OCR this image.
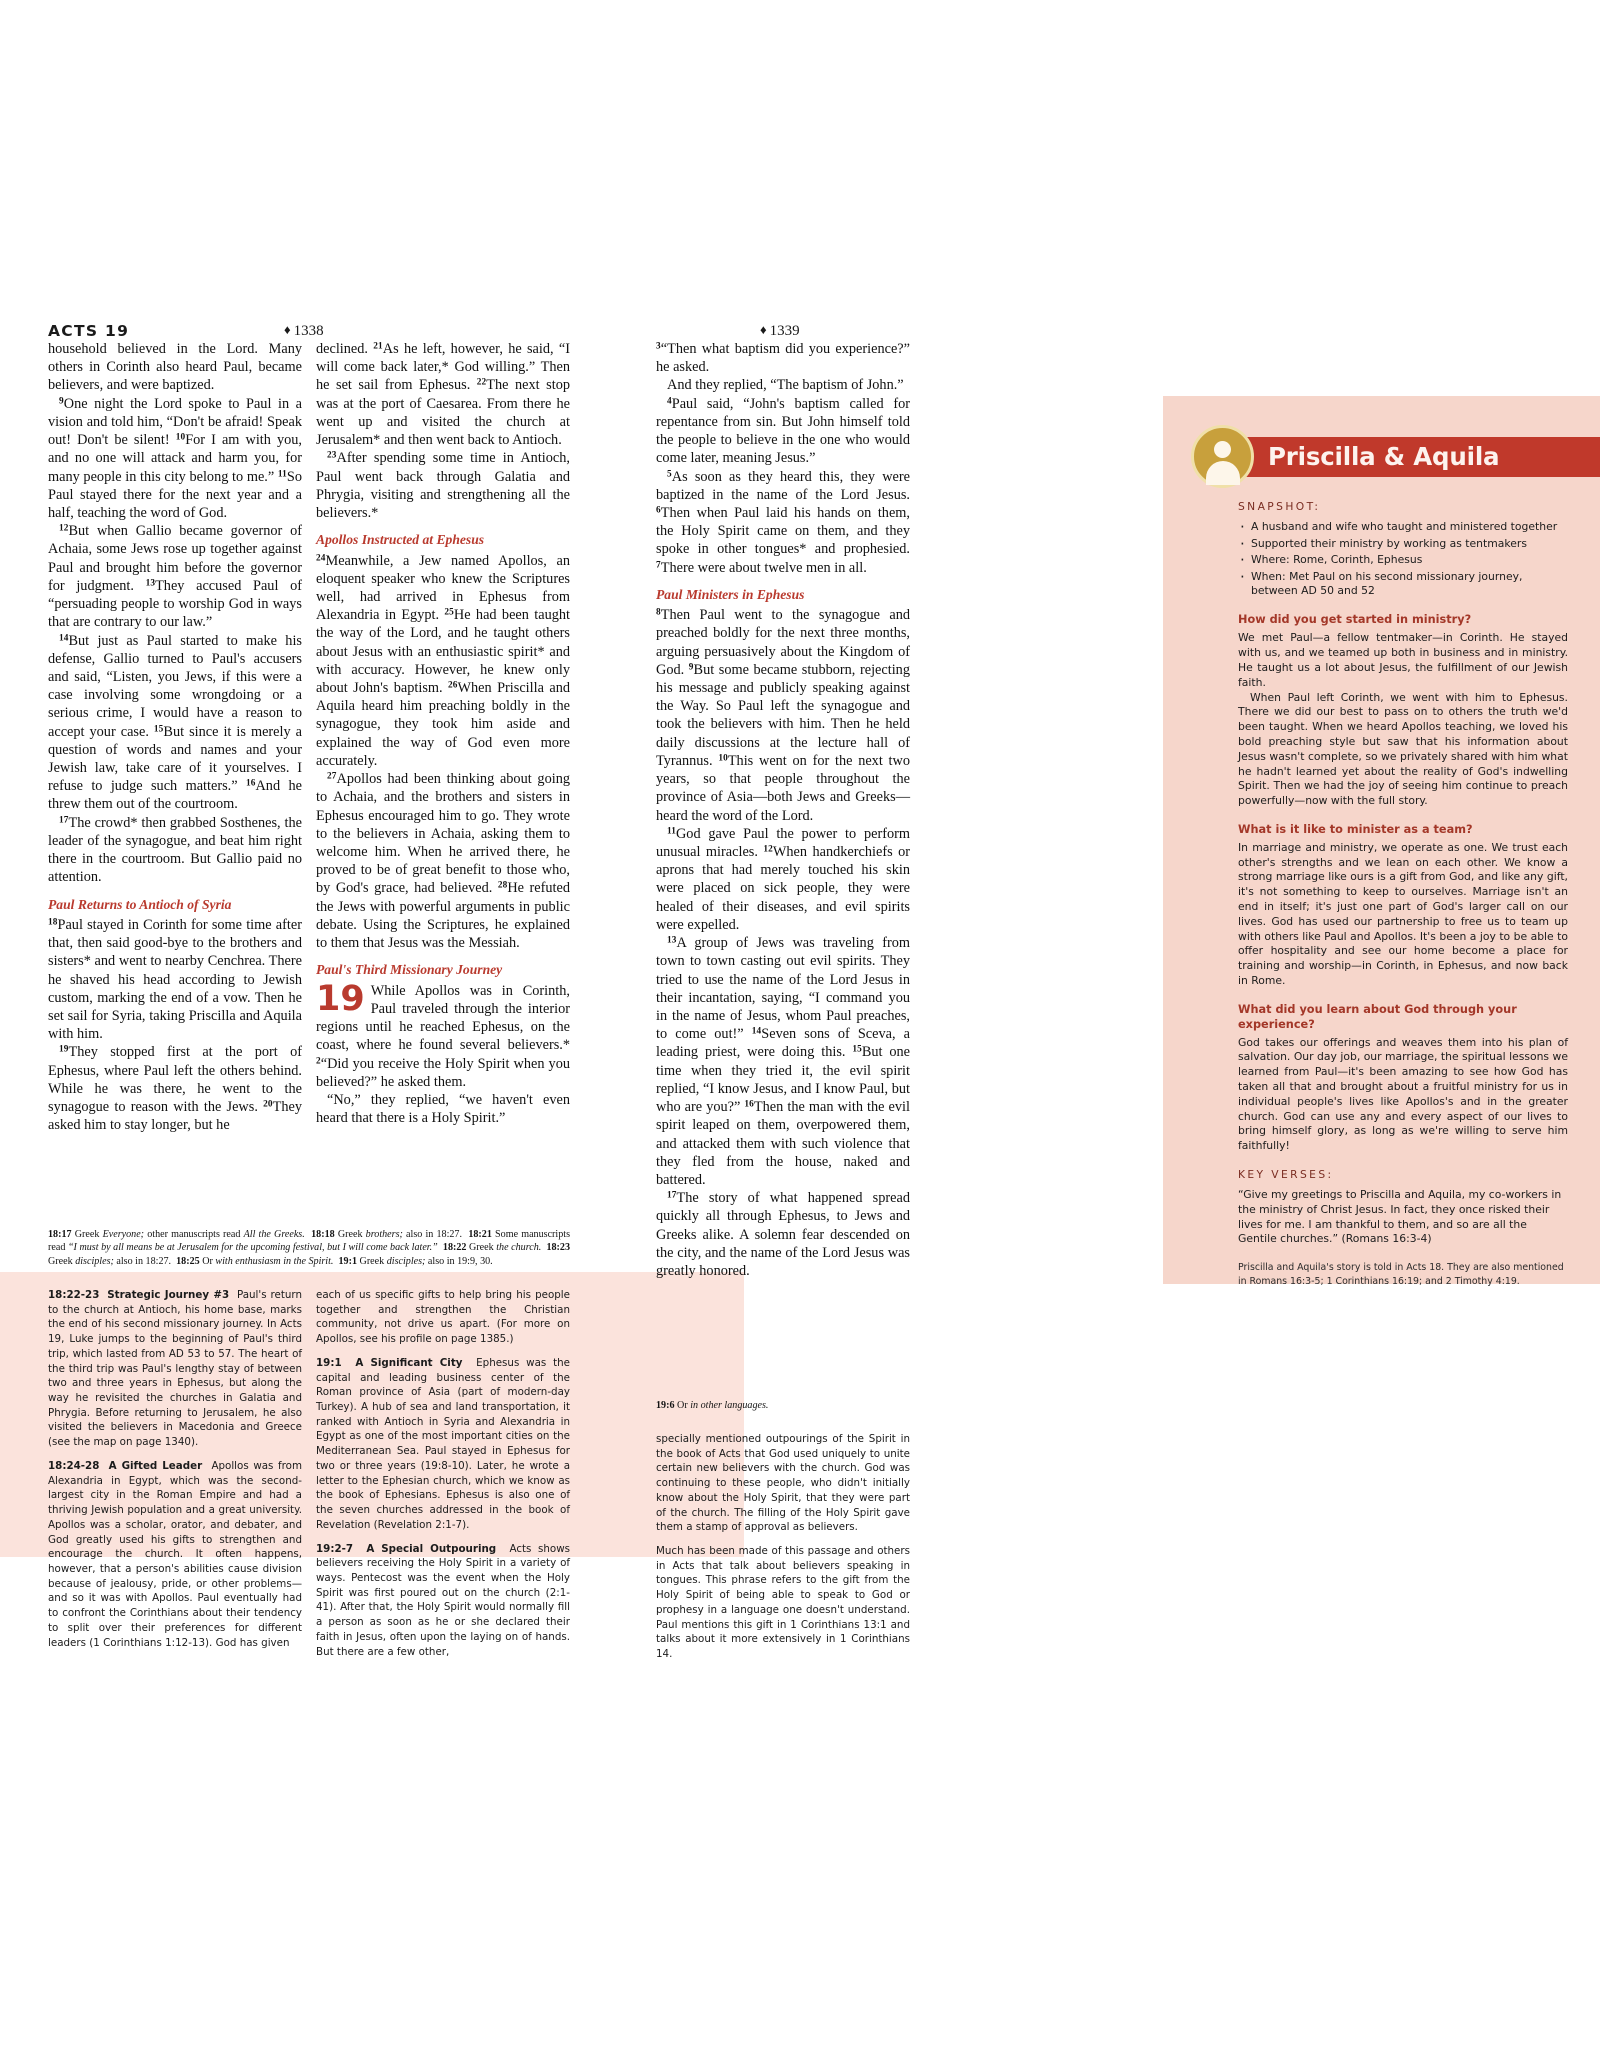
ACTS 19	♦ 1338	♦ 1339

household believed in the Lord. Many others in Corinth also heard Paul, became believers, and were baptized.

$^9$One night the Lord spoke to Paul in a vision and told him, “Don't be afraid! Speak out! Don't be silent! $^{10}$For I am with you, and no one will attack and harm you, for many people in this city belong to me.” $^{11}$So Paul stayed there for the next year and a half, teaching the word of God.

$^{12}$But when Gallio became governor of Achaia, some Jews rose up together against Paul and brought him before the governor for judgment. $^{13}$They accused Paul of “persuading people to worship God in ways that are contrary to our law.”

$^{14}$But just as Paul started to make his defense, Gallio turned to Paul's accusers and said, “Listen, you Jews, if this were a case involving some wrongdoing or a serious crime, I would have a reason to accept your case. $^{15}$But since it is merely a question of words and names and your Jewish law, take care of it yourselves. I refuse to judge such matters.” $^{16}$And he threw them out of the courtroom.

$^{17}$The crowd* then grabbed Sosthenes, the leader of the synagogue, and beat him right there in the courtroom. But Gallio paid no attention.

Paul Returns to Antioch of Syria

$^{18}$Paul stayed in Corinth for some time after that, then said good-bye to the brothers and sisters* and went to nearby Cenchrea. There he shaved his head according to Jewish custom, marking the end of a vow. Then he set sail for Syria, taking Priscilla and Aquila with him.

$^{19}$They stopped first at the port of Ephesus, where Paul left the others behind. While he was there, he went to the synagogue to reason with the Jews. $^{20}$They asked him to stay longer, but he

declined. $^{21}$As he left, however, he said, “I will come back later,* God willing.” Then he set sail from Ephesus. $^{22}$The next stop was at the port of Caesarea. From there he went up and visited the church at Jerusalem* and then went back to Antioch.

$^{23}$After spending some time in Antioch, Paul went back through Galatia and Phrygia, visiting and strengthening all the believers.*

Apollos Instructed at Ephesus

$^{24}$Meanwhile, a Jew named Apollos, an eloquent speaker who knew the Scriptures well, had arrived in Ephesus from Alexandria in Egypt. $^{25}$He had been taught the way of the Lord, and he taught others about Jesus with an enthusiastic spirit* and with accuracy. However, he knew only about John's baptism. $^{26}$When Priscilla and Aquila heard him preaching boldly in the synagogue, they took him aside and explained the way of God even more accurately.

$^{27}$Apollos had been thinking about going to Achaia, and the brothers and sisters in Ephesus encouraged him to go. They wrote to the believers in Achaia, asking them to welcome him. When he arrived there, he proved to be of great benefit to those who, by God's grace, had believed. $^{28}$He refuted the Jews with powerful arguments in public debate. Using the Scriptures, he explained to them that Jesus was the Messiah.

Paul's Third Missionary Journey

19 While Apollos was in Corinth, Paul traveled through the interior regions until he reached Ephesus, on the coast, where he found several believers.* $^2$“Did you receive the Holy Spirit when you believed?” he asked them.

“No,” they replied, “we haven't even heard that there is a Holy Spirit.”

$^3$“Then what baptism did you experience?” he asked.

And they replied, “The baptism of John.”

$^4$Paul said, “John's baptism called for repentance from sin. But John himself told the people to believe in the one who would come later, meaning Jesus.”

$^5$As soon as they heard this, they were baptized in the name of the Lord Jesus. $^6$Then when Paul laid his hands on them, the Holy Spirit came on them, and they spoke in other tongues* and prophesied. $^7$There were about twelve men in all.

Paul Ministers in Ephesus

$^8$Then Paul went to the synagogue and preached boldly for the next three months, arguing persuasively about the Kingdom of God. $^9$But some became stubborn, rejecting his message and publicly speaking against the Way. So Paul left the synagogue and took the believers with him. Then he held daily discussions at the lecture hall of Tyrannus. $^{10}$This went on for the next two years, so that people throughout the province of Asia—both Jews and Greeks—heard the word of the Lord.

$^{11}$God gave Paul the power to perform unusual miracles. $^{12}$When handkerchiefs or aprons that had merely touched his skin were placed on sick people, they were healed of their diseases, and evil spirits were expelled.

$^{13}$A group of Jews was traveling from town to town casting out evil spirits. They tried to use the name of the Lord Jesus in their incantation, saying, “I command you in the name of Jesus, whom Paul preaches, to come out!” $^{14}$Seven sons of Sceva, a leading priest, were doing this. $^{15}$But one time when they tried it, the evil spirit replied, “I know Jesus, and I know Paul, but who are you?” $^{16}$Then the man with the evil spirit leaped on them, overpowered them, and attacked them with such violence that they fled from the house, naked and battered.

$^{17}$The story of what happened spread quickly all through Ephesus, to Jews and Greeks alike. A solemn fear descended on the city, and the name of the Lord Jesus was greatly honored.

18:17 Greek Everyone; other manuscripts read All the Greeks. 18:18 Greek brothers; also in 18:27.  18:21 Some manuscripts read “I must by all means be at Jerusalem for the upcoming festival, but I will come back later.” 18:22 Greek the church. 18:23 Greek disciples; also in 18:27.  18:25 Or with enthusiasm in the Spirit. 19:1 Greek disciples; also in 19:9, 30.
19:6 Or in other languages.

18:22-23 Strategic Journey #3 Paul's return to the church at Antioch, his home base, marks the end of his second missionary journey. In Acts 19, Luke jumps to the beginning of Paul's third trip, which lasted from AD 53 to 57. The heart of the third trip was Paul's lengthy stay of between two and three years in Ephesus, but along the way he revisited the churches in Galatia and Phrygia. Before returning to Jerusalem, he also visited the believers in Macedonia and Greece (see the map on page 1340).

18:24-28 A Gifted Leader Apollos was from Alexandria in Egypt, which was the second-largest city in the Roman Empire and had a thriving Jewish population and a great university. Apollos was a scholar, orator, and debater, and God greatly used his gifts to strengthen and encourage the church. It often happens, however, that a person's abilities cause division because of jealousy, pride, or other problems—and so it was with Apollos. Paul eventually had to confront the Corinthians about their tendency to split over their preferences for different leaders (1 Corinthians 1:12-13). God has given

each of us specific gifts to help bring his people together and strengthen the Christian community, not drive us apart. (For more on Apollos, see his profile on page 1385.)

19:1 A Significant City Ephesus was the capital and leading business center of the Roman province of Asia (part of modern-day Turkey). A hub of sea and land transportation, it ranked with Antioch in Syria and Alexandria in Egypt as one of the most important cities on the Mediterranean Sea. Paul stayed in Ephesus for two or three years (19:8-10). Later, he wrote a letter to the Ephesian church, which we know as the book of Ephesians. Ephesus is also one of the seven churches addressed in the book of Revelation (Revelation 2:1-7).

19:2-7 A Special Outpouring Acts shows believers receiving the Holy Spirit in a variety of ways. Pentecost was the event when the Holy Spirit was first poured out on the church (2:1-41). After that, the Holy Spirit would normally fill a person as soon as he or she declared their faith in Jesus, often upon the laying on of hands. But there are a few other,

specially mentioned outpourings of the Spirit in the book of Acts that God used uniquely to unite certain new believers with the church. God was continuing to these people, who didn't initially know about the Holy Spirit, that they were part of the church. The filling of the Holy Spirit gave them a stamp of approval as believers.

Much has been made of this passage and others in Acts that talk about believers speaking in tongues. This phrase refers to the gift from the Holy Spirit of being able to speak to God or prophesy in a language one doesn't understand. Paul mentions this gift in 1 Corinthians 13:1 and talks about it more extensively in 1 Corinthians 14.

Priscilla & Aquila
SNAPSHOT:
· A husband and wife who taught and ministered together
· Supported their ministry by working as tentmakers
· Where: Rome, Corinth, Ephesus
· When: Met Paul on his second missionary journey, between AD 50 and 52
How did you get started in ministry?
We met Paul—a fellow tentmaker—in Corinth. He stayed with us, and we teamed up both in business and in ministry. He taught us a lot about Jesus, the fulfillment of our Jewish faith.
When Paul left Corinth, we went with him to Ephesus. There we did our best to pass on to others the truth we'd been taught. When we heard Apollos teaching, we loved his bold preaching style but saw that his information about Jesus wasn't complete, so we privately shared with him what he hadn't learned yet about the reality of God's indwelling Spirit. Then we had the joy of seeing him continue to preach powerfully—now with the full story.
What is it like to minister as a team?
In marriage and ministry, we operate as one. We trust each other's strengths and we lean on each other. We know a strong marriage like ours is a gift from God, and like any gift, it's not something to keep to ourselves. Marriage isn't an end in itself; it's just one part of God's larger call on our lives. God has used our partnership to free us to team up with others like Paul and Apollos. It's been a joy to be able to offer hospitality and see our home become a place for training and worship—in Corinth, in Ephesus, and now back in Rome.
What did you learn about God through your experience?
God takes our offerings and weaves them into his plan of salvation. Our day job, our marriage, the spiritual lessons we learned from Paul—it's been amazing to see how God has taken all that and brought about a fruitful ministry for us in individual people's lives like Apollos's and in the greater church. God can use any and every aspect of our lives to bring himself glory, as long as we're willing to serve him faithfully!
KEY VERSES:
“Give my greetings to Priscilla and Aquila, my co-workers in the ministry of Christ Jesus. In fact, they once risked their lives for me. I am thankful to them, and so are all the Gentile churches.” (Romans 16:3-4)
Priscilla and Aquila's story is told in Acts 18. They are also mentioned in Romans 16:3-5; 1 Corinthians 16:19; and 2 Timothy 4:19.
